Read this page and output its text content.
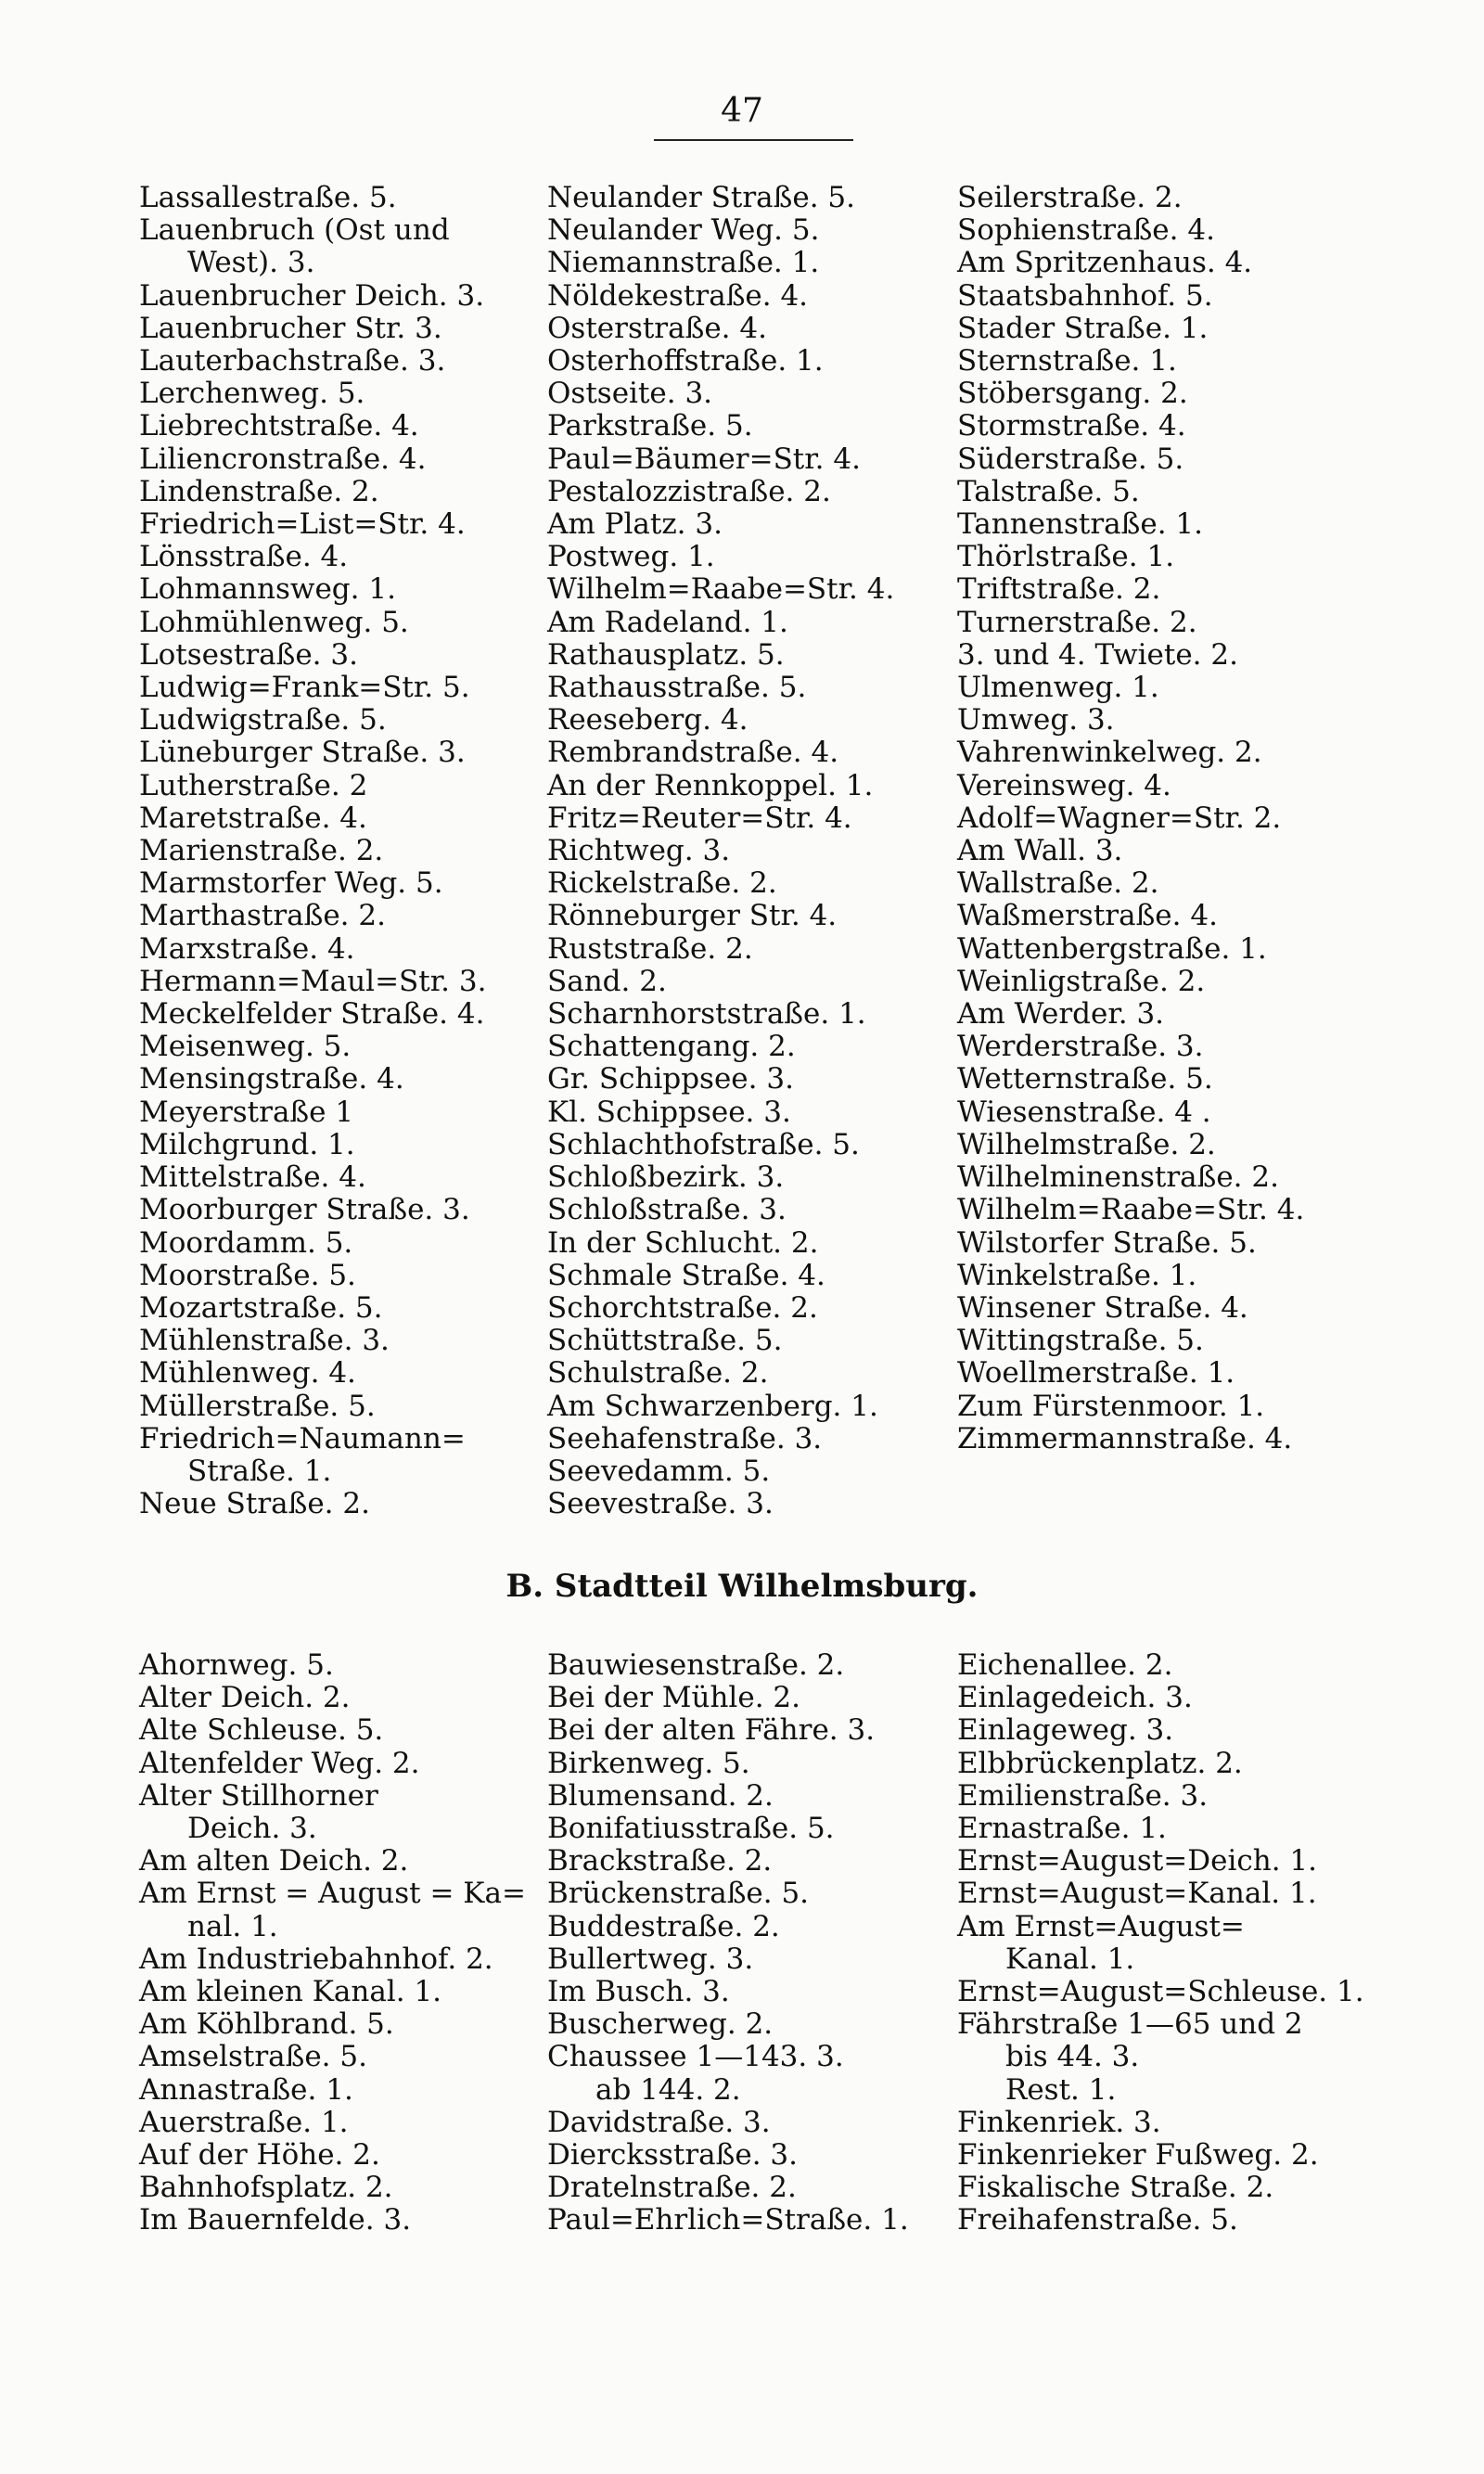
47
Lassallestraße. 5.
Lauenbruch (Ost und
West). 3.
Lauenbrucher Deich. 3.
Lauenbrucher Str. 3.
Lauterbachstraße. 3.
Lerchenweg. 5.
Liebrechtstraße. 4.
Liliencronstraße. 4.
Lindenstraße. 2.
Friedrich=List=Str. 4.
Lönsstraße. 4.
Lohmannsweg. 1.
Lohmühlenweg. 5.
Lotsestraße. 3.
Ludwig=Frank=Str. 5.
Ludwigstraße. 5.
Lüneburger Straße. 3.
Lutherstraße. 2
Maretstraße. 4.
Marienstraße. 2.
Marmstorfer Weg. 5.
Marthastraße. 2.
Marxstraße. 4.
Hermann=Maul=Str. 3.
Meckelfelder Straße. 4.
Meisenweg. 5.
Mensingstraße. 4.
Meyerstraße 1
Milchgrund. 1.
Mittelstraße. 4.
Moorburger Straße. 3.
Moordamm. 5.
Moorstraße. 5.
Mozartstraße. 5.
Mühlenstraße. 3.
Mühlenweg. 4.
Müllerstraße. 5.
Friedrich=Naumann=
Straße. 1.
Neue Straße. 2.
Neulander Straße. 5.
Neulander Weg. 5.
Niemannstraße. 1.
Nöldekestraße. 4.
Osterstraße. 4.
Osterhoffstraße. 1.
Ostseite. 3.
Parkstraße. 5.
Paul=Bäumer=Str. 4.
Pestalozzistraße. 2.
Am Platz. 3.
Postweg. 1.
Wilhelm=Raabe=Str. 4.
Am Radeland. 1.
Rathausplatz. 5.
Rathausstraße. 5.
Reeseberg. 4.
Rembrandstraße. 4.
An der Rennkoppel. 1.
Fritz=Reuter=Str. 4.
Richtweg. 3.
Rickelstraße. 2.
Rönneburger Str. 4.
Ruststraße. 2.
Sand. 2.
Scharnhorststraße. 1.
Schattengang. 2.
Gr. Schippsee. 3.
Kl. Schippsee. 3.
Schlachthofstraße. 5.
Schloßbezirk. 3.
Schloßstraße. 3.
In der Schlucht. 2.
Schmale Straße. 4.
Schorchtstraße. 2.
Schüttstraße. 5.
Schulstraße. 2.
Am Schwarzenberg. 1.
Seehafenstraße. 3.
Seevedamm. 5.
Seevestraße. 3.
Seilerstraße. 2.
Sophienstraße. 4.
Am Spritzenhaus. 4.
Staatsbahnhof. 5.
Stader Straße. 1.
Sternstraße. 1.
Stöbersgang. 2.
Stormstraße. 4.
Süderstraße. 5.
Talstraße. 5.
Tannenstraße. 1.
Thörlstraße. 1.
Triftstraße. 2.
Turnerstraße. 2.
3. und 4. Twiete. 2.
Ulmenweg. 1.
Umweg. 3.
Vahrenwinkelweg. 2.
Vereinsweg. 4.
Adolf=Wagner=Str. 2.
Am Wall. 3.
Wallstraße. 2.
Waßmerstraße. 4.
Wattenbergstraße. 1.
Weinligstraße. 2.
Am Werder. 3.
Werderstraße. 3.
Wetternstraße. 5.
Wiesenstraße. 4 .
Wilhelmstraße. 2.
Wilhelminenstraße. 2.
Wilhelm=Raabe=Str. 4.
Wilstorfer Straße. 5.
Winkelstraße. 1.
Winsener Straße. 4.
Wittingstraße. 5.
Woellmerstraße. 1.
Zum Fürstenmoor. 1.
Zimmermannstraße. 4.
B. Stadtteil Wilhelmsburg.
Ahornweg. 5.
Alter Deich. 2.
Alte Schleuse. 5.
Altenfelder Weg. 2.
Alter Stillhorner
Deich. 3.
Am alten Deich. 2.
Am Ernst = August = Ka=
nal. 1.
Am Industriebahnhof. 2.
Am kleinen Kanal. 1.
Am Köhlbrand. 5.
Amselstraße. 5.
Annastraße. 1.
Auerstraße. 1.
Auf der Höhe. 2.
Bahnhofsplatz. 2.
Im Bauernfelde. 3.
Bauwiesenstraße. 2.
Bei der Mühle. 2.
Bei der alten Fähre. 3.
Birkenweg. 5.
Blumensand. 2.
Bonifatiusstraße. 5.
Brackstraße. 2.
Brückenstraße. 5.
Buddestraße. 2.
Bullertweg. 3.
Im Busch. 3.
Buscherweg. 2.
Chaussee 1—143. 3.
ab 144. 2.
Davidstraße. 3.
Diercksstraße. 3.
Dratelnstraße. 2.
Paul=Ehrlich=Straße. 1.
Eichenallee. 2.
Einlagedeich. 3.
Einlageweg. 3.
Elbbrückenplatz. 2.
Emilienstraße. 3.
Ernastraße. 1.
Ernst=August=Deich. 1.
Ernst=August=Kanal. 1.
Am Ernst=August=
Kanal. 1.
Ernst=August=Schleuse. 1.
Fährstraße 1—65 und 2
bis 44. 3.
Rest. 1.
Finkenriek. 3.
Finkenrieker Fußweg. 2.
Fiskalische Straße. 2.
Freihafenstraße. 5.
